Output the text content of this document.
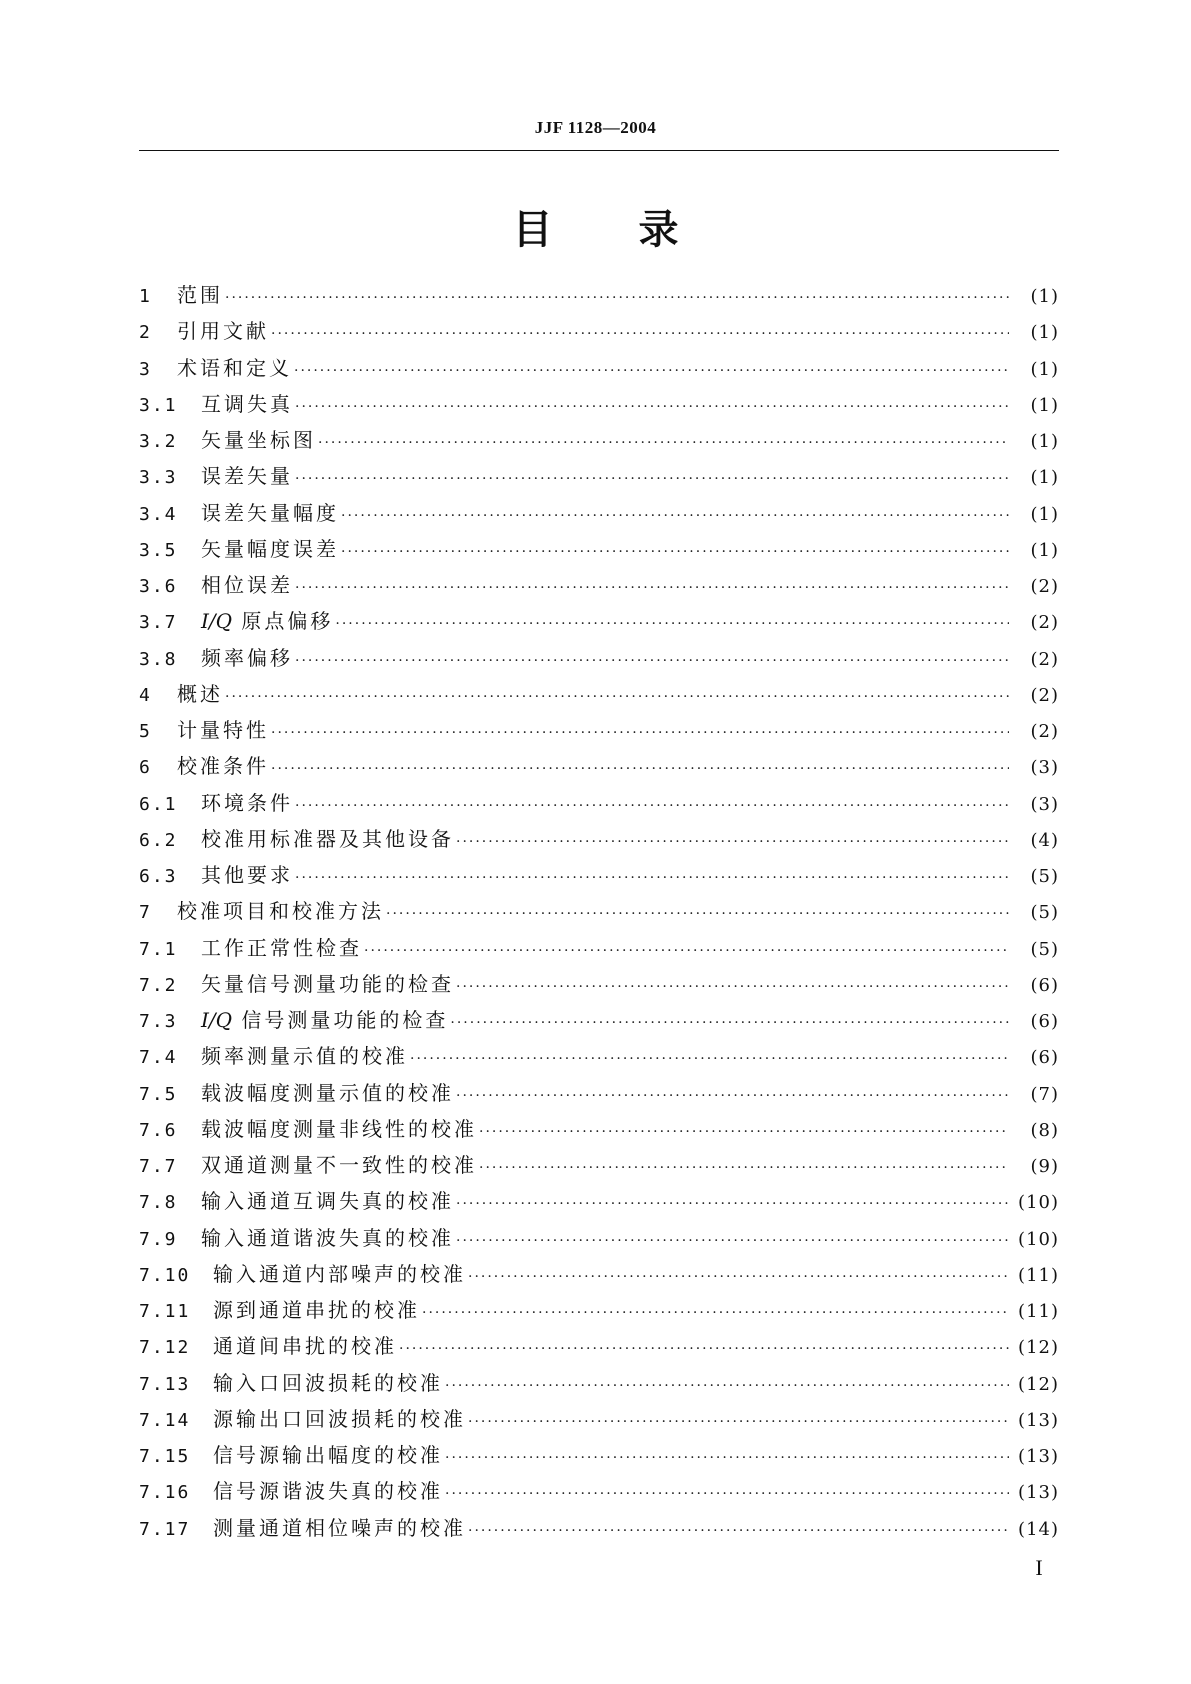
JJF 1128—2004
目 录
1	范围 ·····	(1)
2	引用文献 ·····	(1)
3	术语和定义 ·····	(1)
3.1	互调失真 ·····	(1)
3.2	矢量坐标图 ·····	(1)
3.3	误差矢量 ·····	(1)
3.4	误差矢量幅度 ·····	(1)
3.5	矢量幅度误差 ·····	(1)
3.6	相位误差 ·····	(2)
3.7	I/Q 原点偏移 ·····	(2)
3.8	频率偏移 ·····	(2)
4	概述 ·····	(2)
5	计量特性 ·····	(2)
6	校准条件 ·····	(3)
6.1	环境条件 ·····	(3)
6.2	校准用标准器及其他设备 ·····	(4)
6.3	其他要求 ·····	(5)
7	校准项目和校准方法 ·····	(5)
7.1	工作正常性检查 ·····	(5)
7.2	矢量信号测量功能的检查 ·····	(6)
7.3	I/Q 信号测量功能的检查 ·····	(6)
7.4	频率测量示值的校准 ·····	(6)
7.5	载波幅度测量示值的校准 ·····	(7)
7.6	载波幅度测量非线性的校准 ·····	(8)
7.7	双通道测量不一致性的校准 ·····	(9)
7.8	输入通道互调失真的校准 ·····	(10)
7.9	输入通道谐波失真的校准 ·····	(10)
7.10	输入通道内部噪声的校准 ·····	(11)
7.11	源到通道串扰的校准 ·····	(11)
7.12	通道间串扰的校准 ·····	(12)
7.13	输入口回波损耗的校准 ·····	(12)
7.14	源输出口回波损耗的校准 ·····	(13)
7.15	信号源输出幅度的校准 ·····	(13)
7.16	信号源谐波失真的校准 ·····	(13)
7.17	测量通道相位噪声的校准 ·····	(14)
I
